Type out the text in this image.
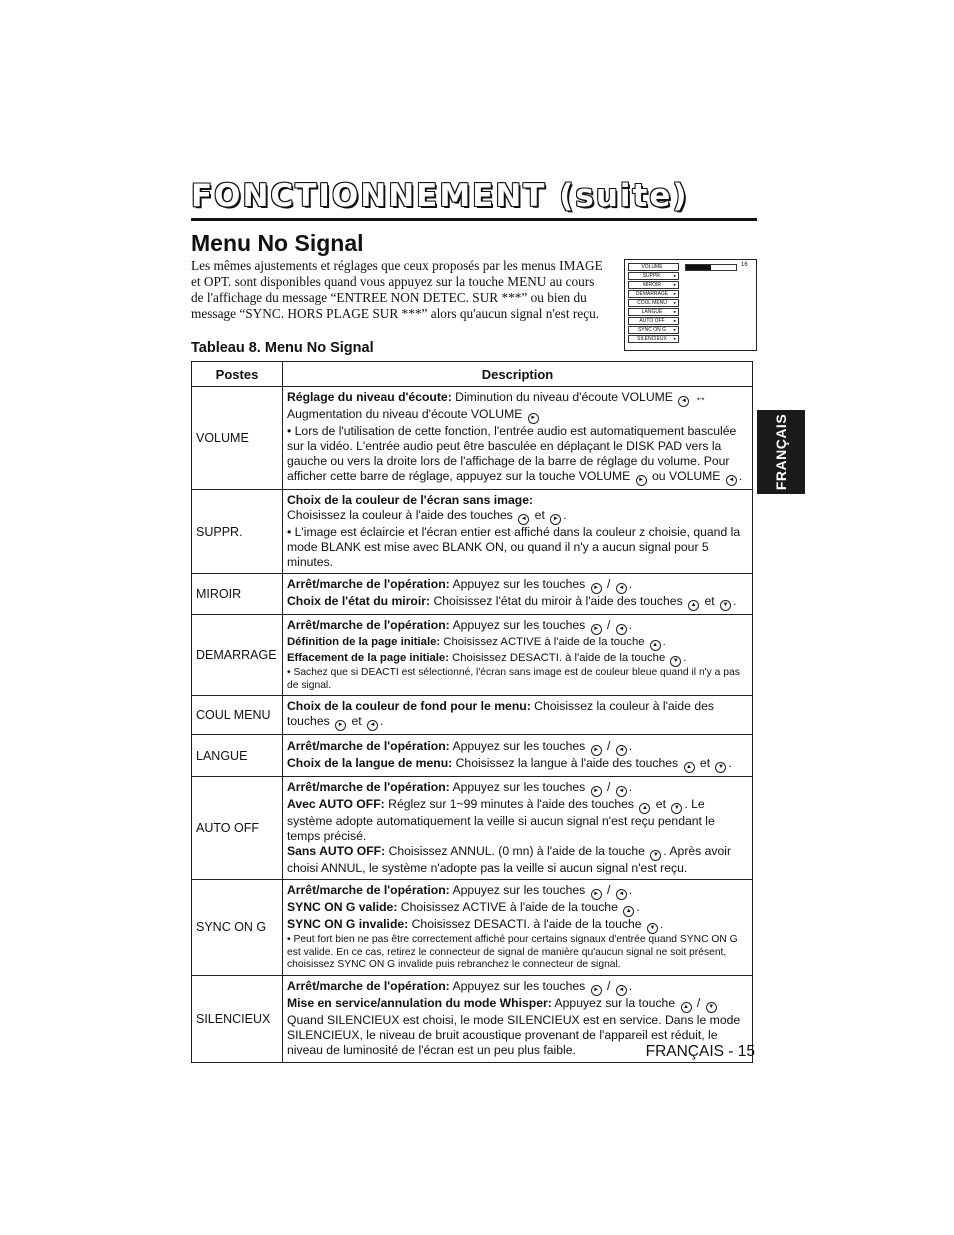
FONCTIONNEMENT (suite)
Menu No Signal
Les mêmes ajustements et réglages que ceux proposés par les menus IMAGE et OPT. sont disponibles quand vous appuyez sur la touche MENU au cours de l'affichage du message “ENTREE NON DETEC. SUR ***” ou bien du message “SYNC. HORS PLAGE SUR ***” alors qu'aucun signal n'est reçu.
Tableau 8. Menu No Signal
VOLUME
SUPPR.	►
MIROIR	►
DEMARRAGE ►
COUL MENU ►
LANGUE	►
AUTO OFF ►
SYNC ON G ►
SILENCIEUX ►
16
Postes	Description
VOLUME	Réglage du niveau d'écoute: Diminution du niveau d'écoute VOLUME ◄ ↔
Augmentation du niveau d'écoute VOLUME ►
• Lors de l'utilisation de cette fonction, l'entrée audio est automatiquement basculée sur la vidéo. L'entrée audio peut être basculée en déplaçant le DISK PAD vers la gauche ou vers la droite lors de l'affichage de la barre de réglage du volume. Pour afficher cette barre de réglage, appuyez sur la touche VOLUME ► ou VOLUME ◄ .

SUPPR.	Choix de la couleur de l'écran sans image:
Choisissez la couleur à l'aide des touches ◄ et ► .
• L'image est éclaircie et l'écran entier est affiché dans la couleur z choisie, quand la mode BLANK est mise avec BLANK ON, ou quand il n'y a aucun signal pour 5 minutes.

MIROIR	Arrêt/marche de l'opération: Appuyez sur les touches ► / ◄ .
Choix de l'état du miroir: Choisissez l'état du miroir à l'aide des touches ▲ et ▼ .

DEMARRAGE	Arrêt/marche de l'opération: Appuyez sur les touches ► / ◄ .
Définition de la page initiale: Choisissez ACTIVE à l'aide de la touche ▲ .
Effacement de la page initiale: Choisissez DESACTI. à l'aide de la touche ▼ .
• Sachez que si DEACTI est sélectionné, l'écran sans image est de couleur bleue quand il n'y a pas de signal.

COUL MENU	Choix de la couleur de fond pour le menu: Choisissez la couleur à l'aide des touches ► et ◄ .

LANGUE	Arrêt/marche de l'opération: Appuyez sur les touches ► / ◄ .
Choix de la langue de menu: Choisissez la langue à l'aide des touches ▲ et ▼ .

AUTO OFF	Arrêt/marche de l'opération: Appuyez sur les touches ► / ◄ .
Avec AUTO OFF: Réglez sur 1~99 minutes à l'aide des touches ▲ et ▼ . Le système adopte automatiquement la veille si aucun signal n'est reçu pendant le temps précisé.
Sans AUTO OFF: Choisissez ANNUL. (0 mn) à l'aide de la touche ▼ . Après avoir choisi ANNUL, le système n'adopte pas la veille si aucun signal n'est reçu.

SYNC ON G	Arrêt/marche de l'opération: Appuyez sur les touches ► / ◄ .
SYNC ON G valide: Choisissez ACTIVE à l'aide de la touche ▲ .
SYNC ON G invalide: Choisissez DESACTI. à l'aide de la touche ▼ .
• Peut fort bien ne pas être correctement affiché pour certains signaux d'entrée quand SYNC ON G est valide. En ce cas, retirez le connecteur de signal de manière qu'aucun signal ne soit présent, choisissez SYNC ON G invalide puis rebranchez le connecteur de signal.

SILENCIEUX	Arrêt/marche de l'opération: Appuyez sur les touches ► / ◄ .
Mise en service/annulation du mode Whisper: Appuyez sur la touche ▲ / ▼
Quand SILENCIEUX est choisi, le mode SILENCIEUX est en service. Dans le mode SILENCIEUX, le niveau de bruit acoustique provenant de l'appareil est réduit, le niveau de luminosité de l'écran est un peu plus faible.
FRANÇAIS
FRANÇAIS - 15
